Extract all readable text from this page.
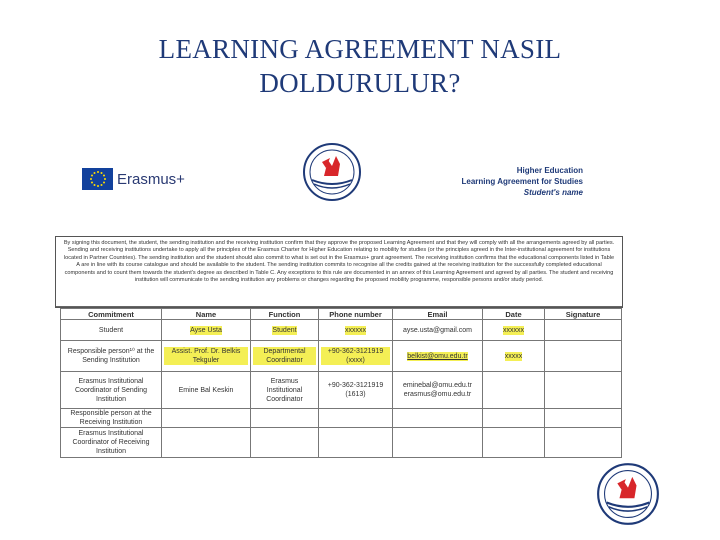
LEARNING AGREEMENT NASIL
DOLDURULUR?
Erasmus+	Higher Education
Learning Agreement for Studies
Student's name
By signing this document, the student, the sending institution and the receiving institution confirm that they approve the proposed Learning Agreement and that they will comply with all the arrangements agreed by all parties. Sending and receiving institutions undertake to apply all the principles of the Erasmus Charter for Higher Education relating to mobility for studies (or the principles agreed in the Inter-institutional agreement for institutions located in Partner Countries). The sending institution and the student should also commit to what is set out in the Erasmus+ grant agreement. The receiving institution confirms that the educational components listed in Table A are in line with its course catalogue and should be available to the student. The sending institution commits to recognise all the credits gained at the receiving institution for the successfully completed educational components and to count them towards the student's degree as described in Table C. Any exceptions to this rule are documented in an annex of this Learning Agreement and agreed by all parties. The student and receiving institution will communicate to the sending institution any problems or changes regarding the proposed mobility programme, responsible persons and/or study period.
Commitment	Name	Function	Phone number	Email	Date	Signature
Student	Ayse Usta	Student	xxxxxx	ayse.usta@gmail.com	xxxxxx	
Responsible person¹⁰ at the Sending Institution	Assist. Prof. Dr. Belkis Tekguler	Departmental Coordinator	+90-362-3121919 (xxxx)	belkist@omu.edu.tr	xxxxx	
Erasmus Institutional Coordinator of Sending Institution	Emine Bal Keskin	Erasmus Institutional Coordinator	+90-362-3121919 (1613)	eminebal@omu.edu.tr erasmus@omu.edu.tr		
Responsible person at the Receiving Institution						
Erasmus Institutional Coordinator of Receiving Institution						
